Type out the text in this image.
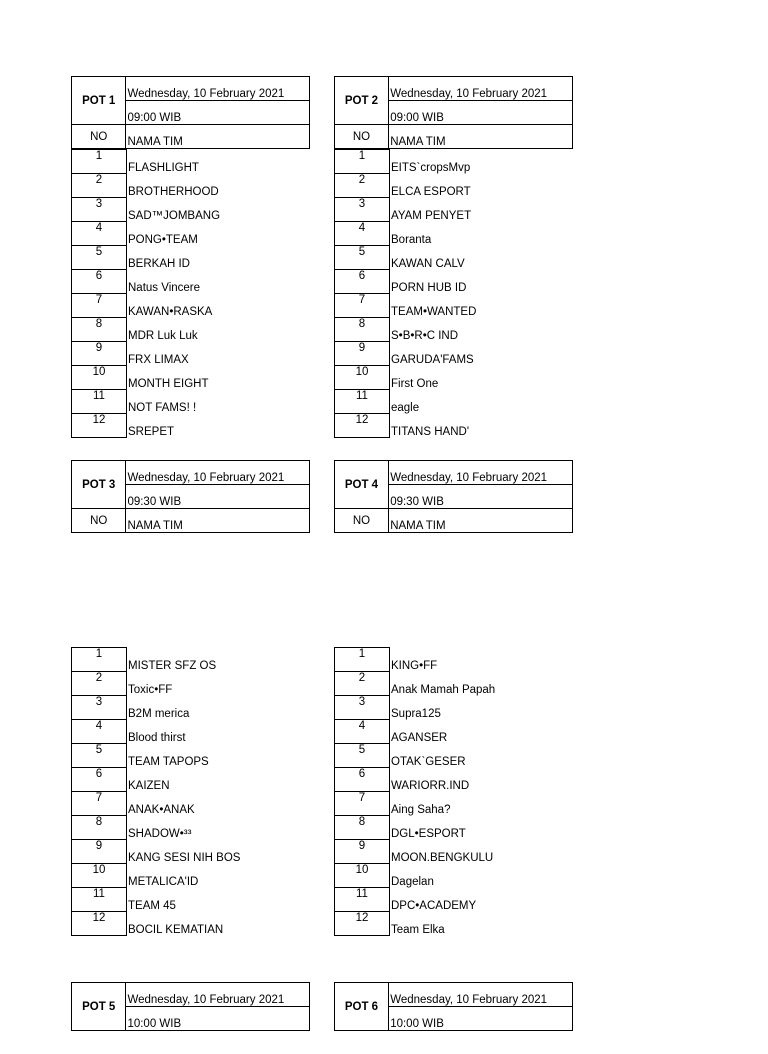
POT 1	Wednesday, 10 February 2021		POT 2	Wednesday, 10 February 2021
	09:00 WIB			09:00 WIB
NO	NAMA TIM		NO	NAMA TIM
1	FLASHLIGHT
2	BROTHERHOOD
3	SAD™JOMBANG
4	PONG•TEAM
5	BERKAH ID
6	Natus Vincere
7	KAWAN•RASKA
8	MDR Luk Luk
9	FRX LIMAX
10	MONTH EIGHT
11	NOT FAMS! !
12	SREPET
1	EITS`cropsMvp
2	ELCA ESPORT
3	AYAM PENYET
4	Boranta
5	KAWAN CALV
6	PORN HUB ID
7	TEAM•WANTED
8	S•B•R•C IND
9	GARUDA'FAMS
10	First One
11	eagle
12	TITANS HAND'
POT 3	Wednesday, 10 February 2021		POT 4	Wednesday, 10 February 2021
	09:30 WIB			09:30 WIB
NO	NAMA TIM		NO	NAMA TIM
1	MISTER SFZ OS
2	Toxic•FF
3	B2M merica
4	Blood thirst
5	TEAM TAPOPS
6	KAIZEN
7	ANAK•ANAK
8	SHADOW•³³
9	KANG SESI NIH BOS
10	METALICA'ID
11	TEAM 45
12	BOCIL KEMATIAN
1	KING•FF
2	Anak Mamah Papah
3	Supra125
4	AGANSER
5	OTAK`GESER
6	WARIORR.IND
7	Aing Saha?
8	DGL•ESPORT
9	MOON.BENGKULU
10	Dagelan
11	DPC•ACADEMY
12	Team Elka
POT 5	Wednesday, 10 February 2021		POT 6	Wednesday, 10 February 2021
	10:00 WIB			10:00 WIB
